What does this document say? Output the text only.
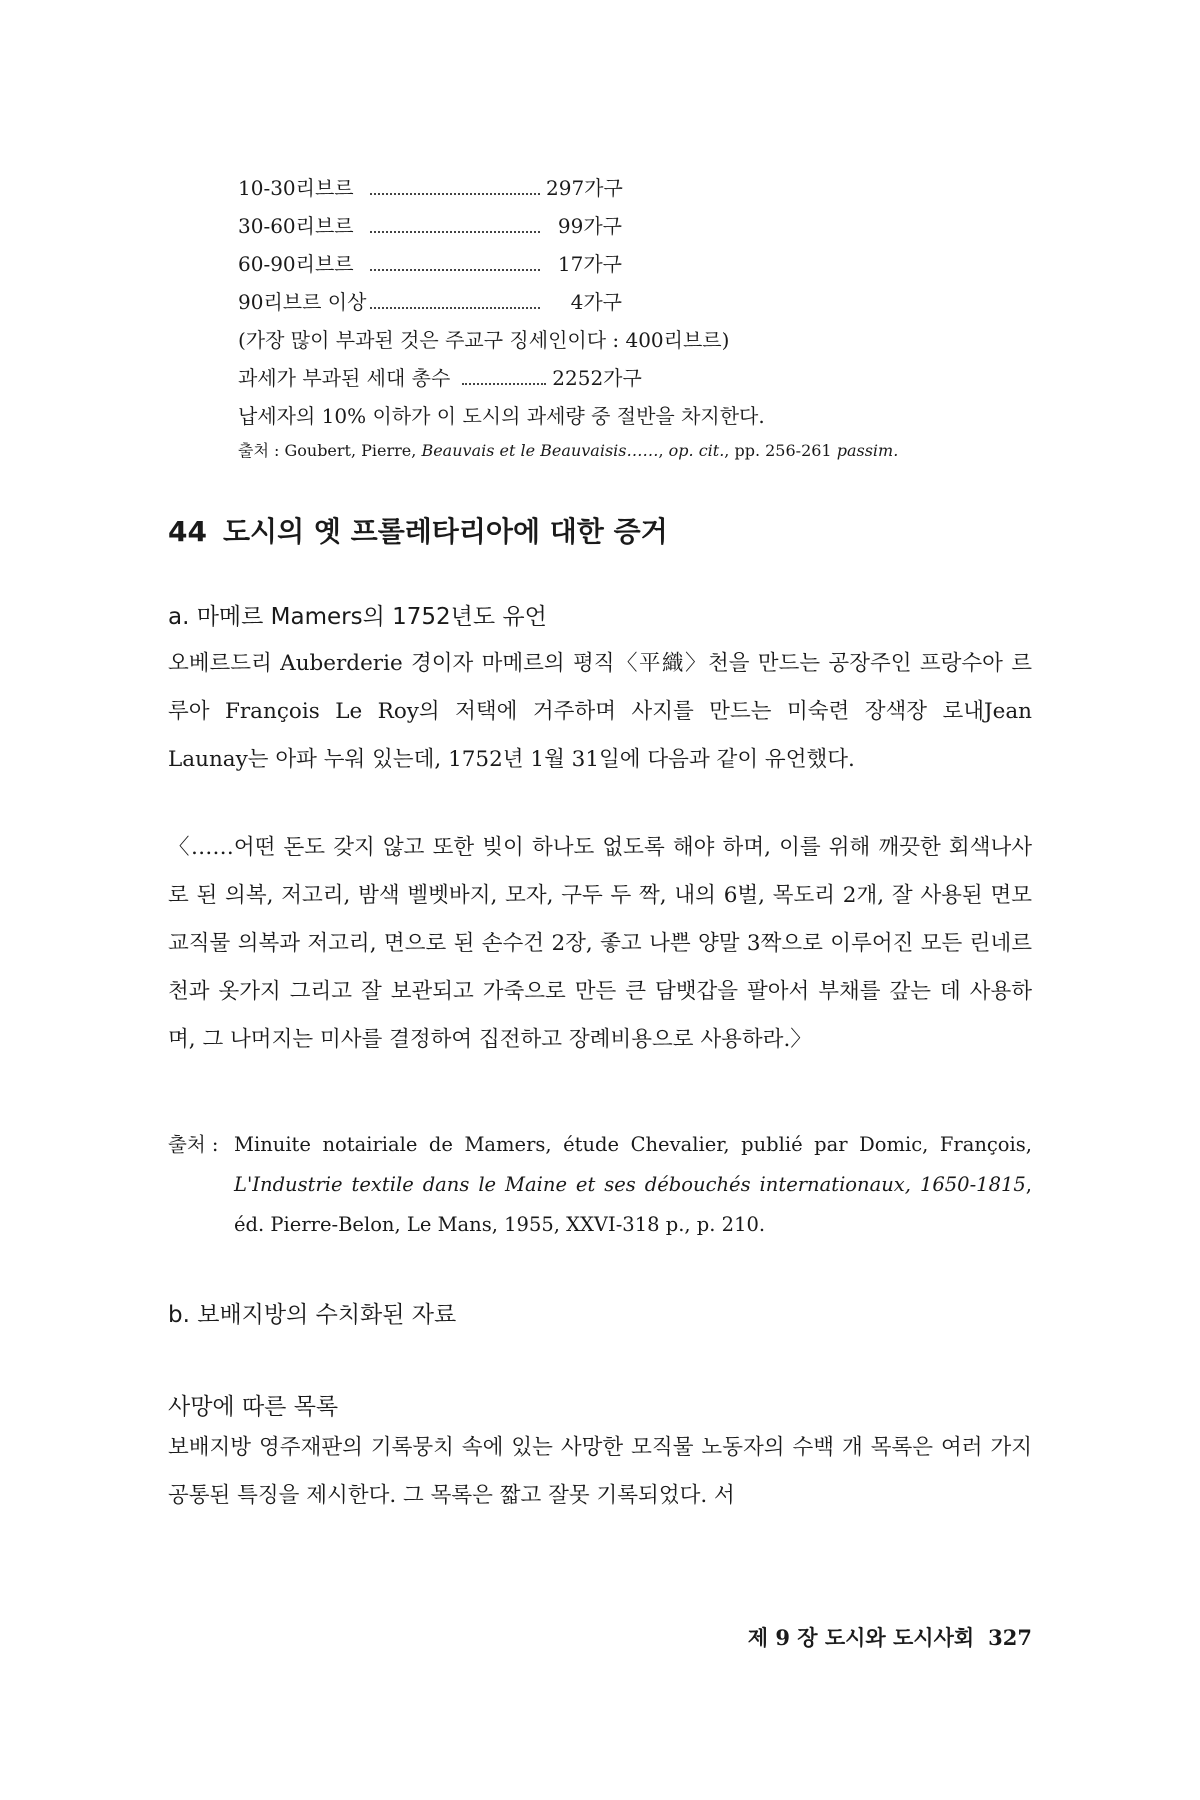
10-30리브르	297가구
30-60리브르	99가구
60-90리브르	17가구
90리브르 이상	4가구
(가장 많이 부과된 것은 주교구 징세인이다 : 400리브르)
과세가 부과된 세대 총수	2252가구
납세자의 10% 이하가 이 도시의 과세량 중 절반을 차지한다.
출처 : Goubert, Pierre, Beauvais et le Beauvaisis……, op. cit., pp. 256-261 passim.
44 도시의 옛 프롤레타리아에 대한 증거
a. 마메르 Mamers의 1752년도 유언
오베르드리 Auberderie 경이자 마메르의 평직〈平織〉천을 만드는 공장주인 프랑수아 르 루아 François Le Roy의 저택에 거주하며 사지를 만드는 미숙련 장색장 로내Jean Launay는 아파 누워 있는데, 1752년 1월 31일에 다음과 같이 유언했다.
〈……어떤 돈도 갖지 않고 또한 빚이 하나도 없도록 해야 하며, 이를 위해 깨끗한 회색나사로 된 의복, 저고리, 밤색 벨벳바지, 모자, 구두 두 짝, 내의 6벌, 목도리 2개, 잘 사용된 면모교직물 의복과 저고리, 면으로 된 손수건 2장, 좋고 나쁜 양말 3짝으로 이루어진 모든 린네르 천과 옷가지 그리고 잘 보관되고 가죽으로 만든 큰 담뱃갑을 팔아서 부채를 갚는 데 사용하며, 그 나머지는 미사를 결정하여 집전하고 장례비용으로 사용하라.〉
출처 : Minuite notairiale de Mamers, étude Chevalier, publié par Domic, François, L'Industrie textile dans le Maine et ses débouchés internationaux, 1650-1815, éd. Pierre-Belon, Le Mans, 1955, XXVI-318 p., p. 210.
b. 보배지방의 수치화된 자료
사망에 따른 목록
보배지방 영주재판의 기록뭉치 속에 있는 사망한 모직물 노동자의 수백 개 목록은 여러 가지 공통된 특징을 제시한다. 그 목록은 짧고 잘못 기록되었다. 서
제 9 장 도시와 도시사회 327
